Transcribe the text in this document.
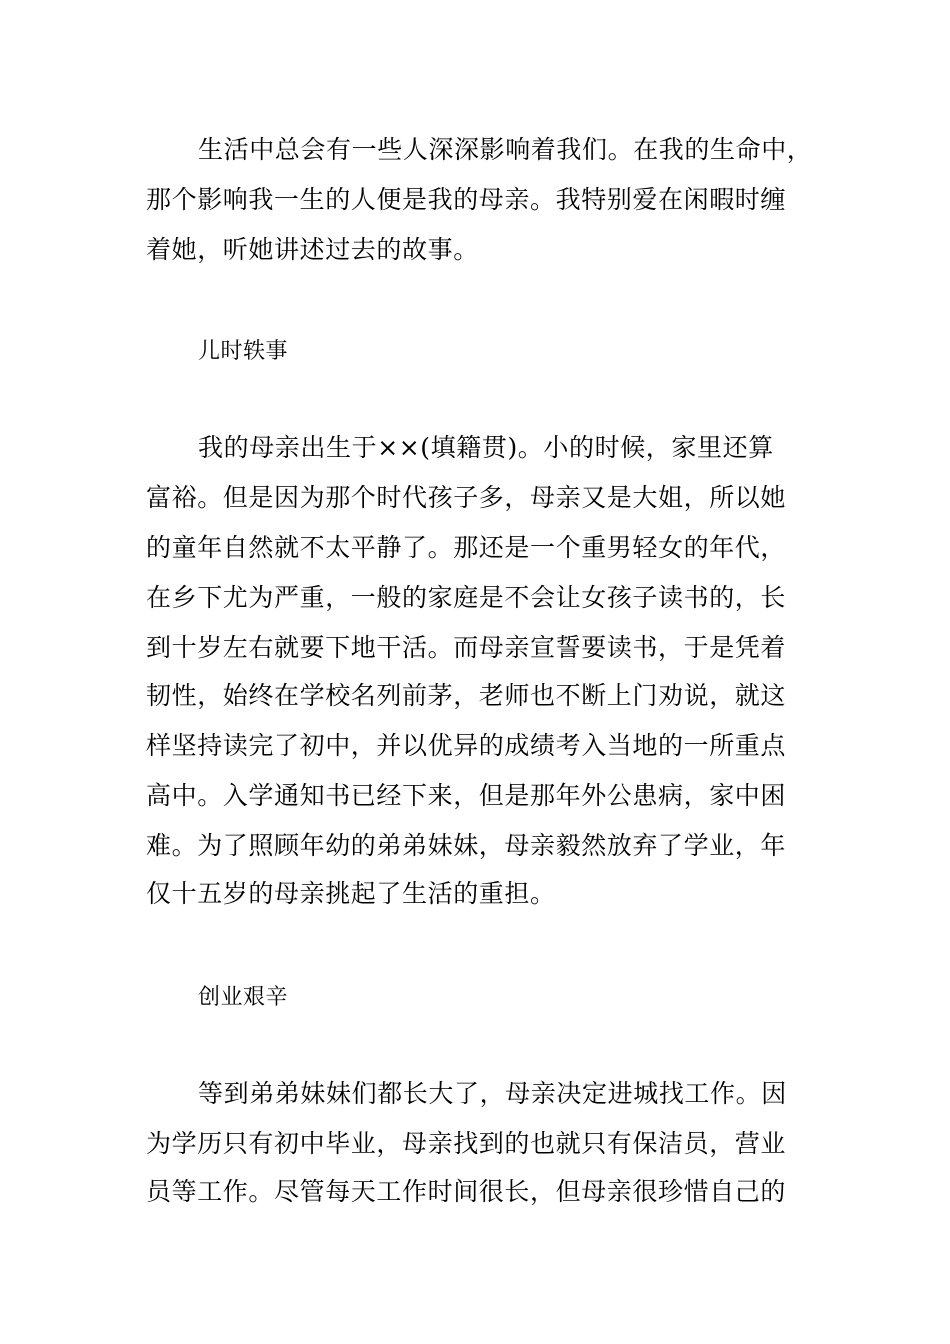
生活中总会有一些人深深影响着我们。在我的生命中，
那个影响我一生的人便是我的母亲。我特别爱在闲暇时缠
着她，听她讲述过去的故事。
儿时轶事
我的母亲出生于××(填籍贯)。小的时候，家里还算
富裕。但是因为那个时代孩子多，母亲又是大姐，所以她
的童年自然就不太平静了。那还是一个重男轻女的年代，
在乡下尤为严重，一般的家庭是不会让女孩子读书的，长
到十岁左右就要下地干活。而母亲宣誓要读书，于是凭着
韧性，始终在学校名列前茅，老师也不断上门劝说，就这
样坚持读完了初中，并以优异的成绩考入当地的一所重点
高中。入学通知书已经下来，但是那年外公患病，家中困
难。为了照顾年幼的弟弟妹妹，母亲毅然放弃了学业，年
仅十五岁的母亲挑起了生活的重担。
创业艰辛
等到弟弟妹妹们都长大了，母亲决定进城找工作。因
为学历只有初中毕业，母亲找到的也就只有保洁员，营业
员等工作。尽管每天工作时间很长，但母亲很珍惜自己的
